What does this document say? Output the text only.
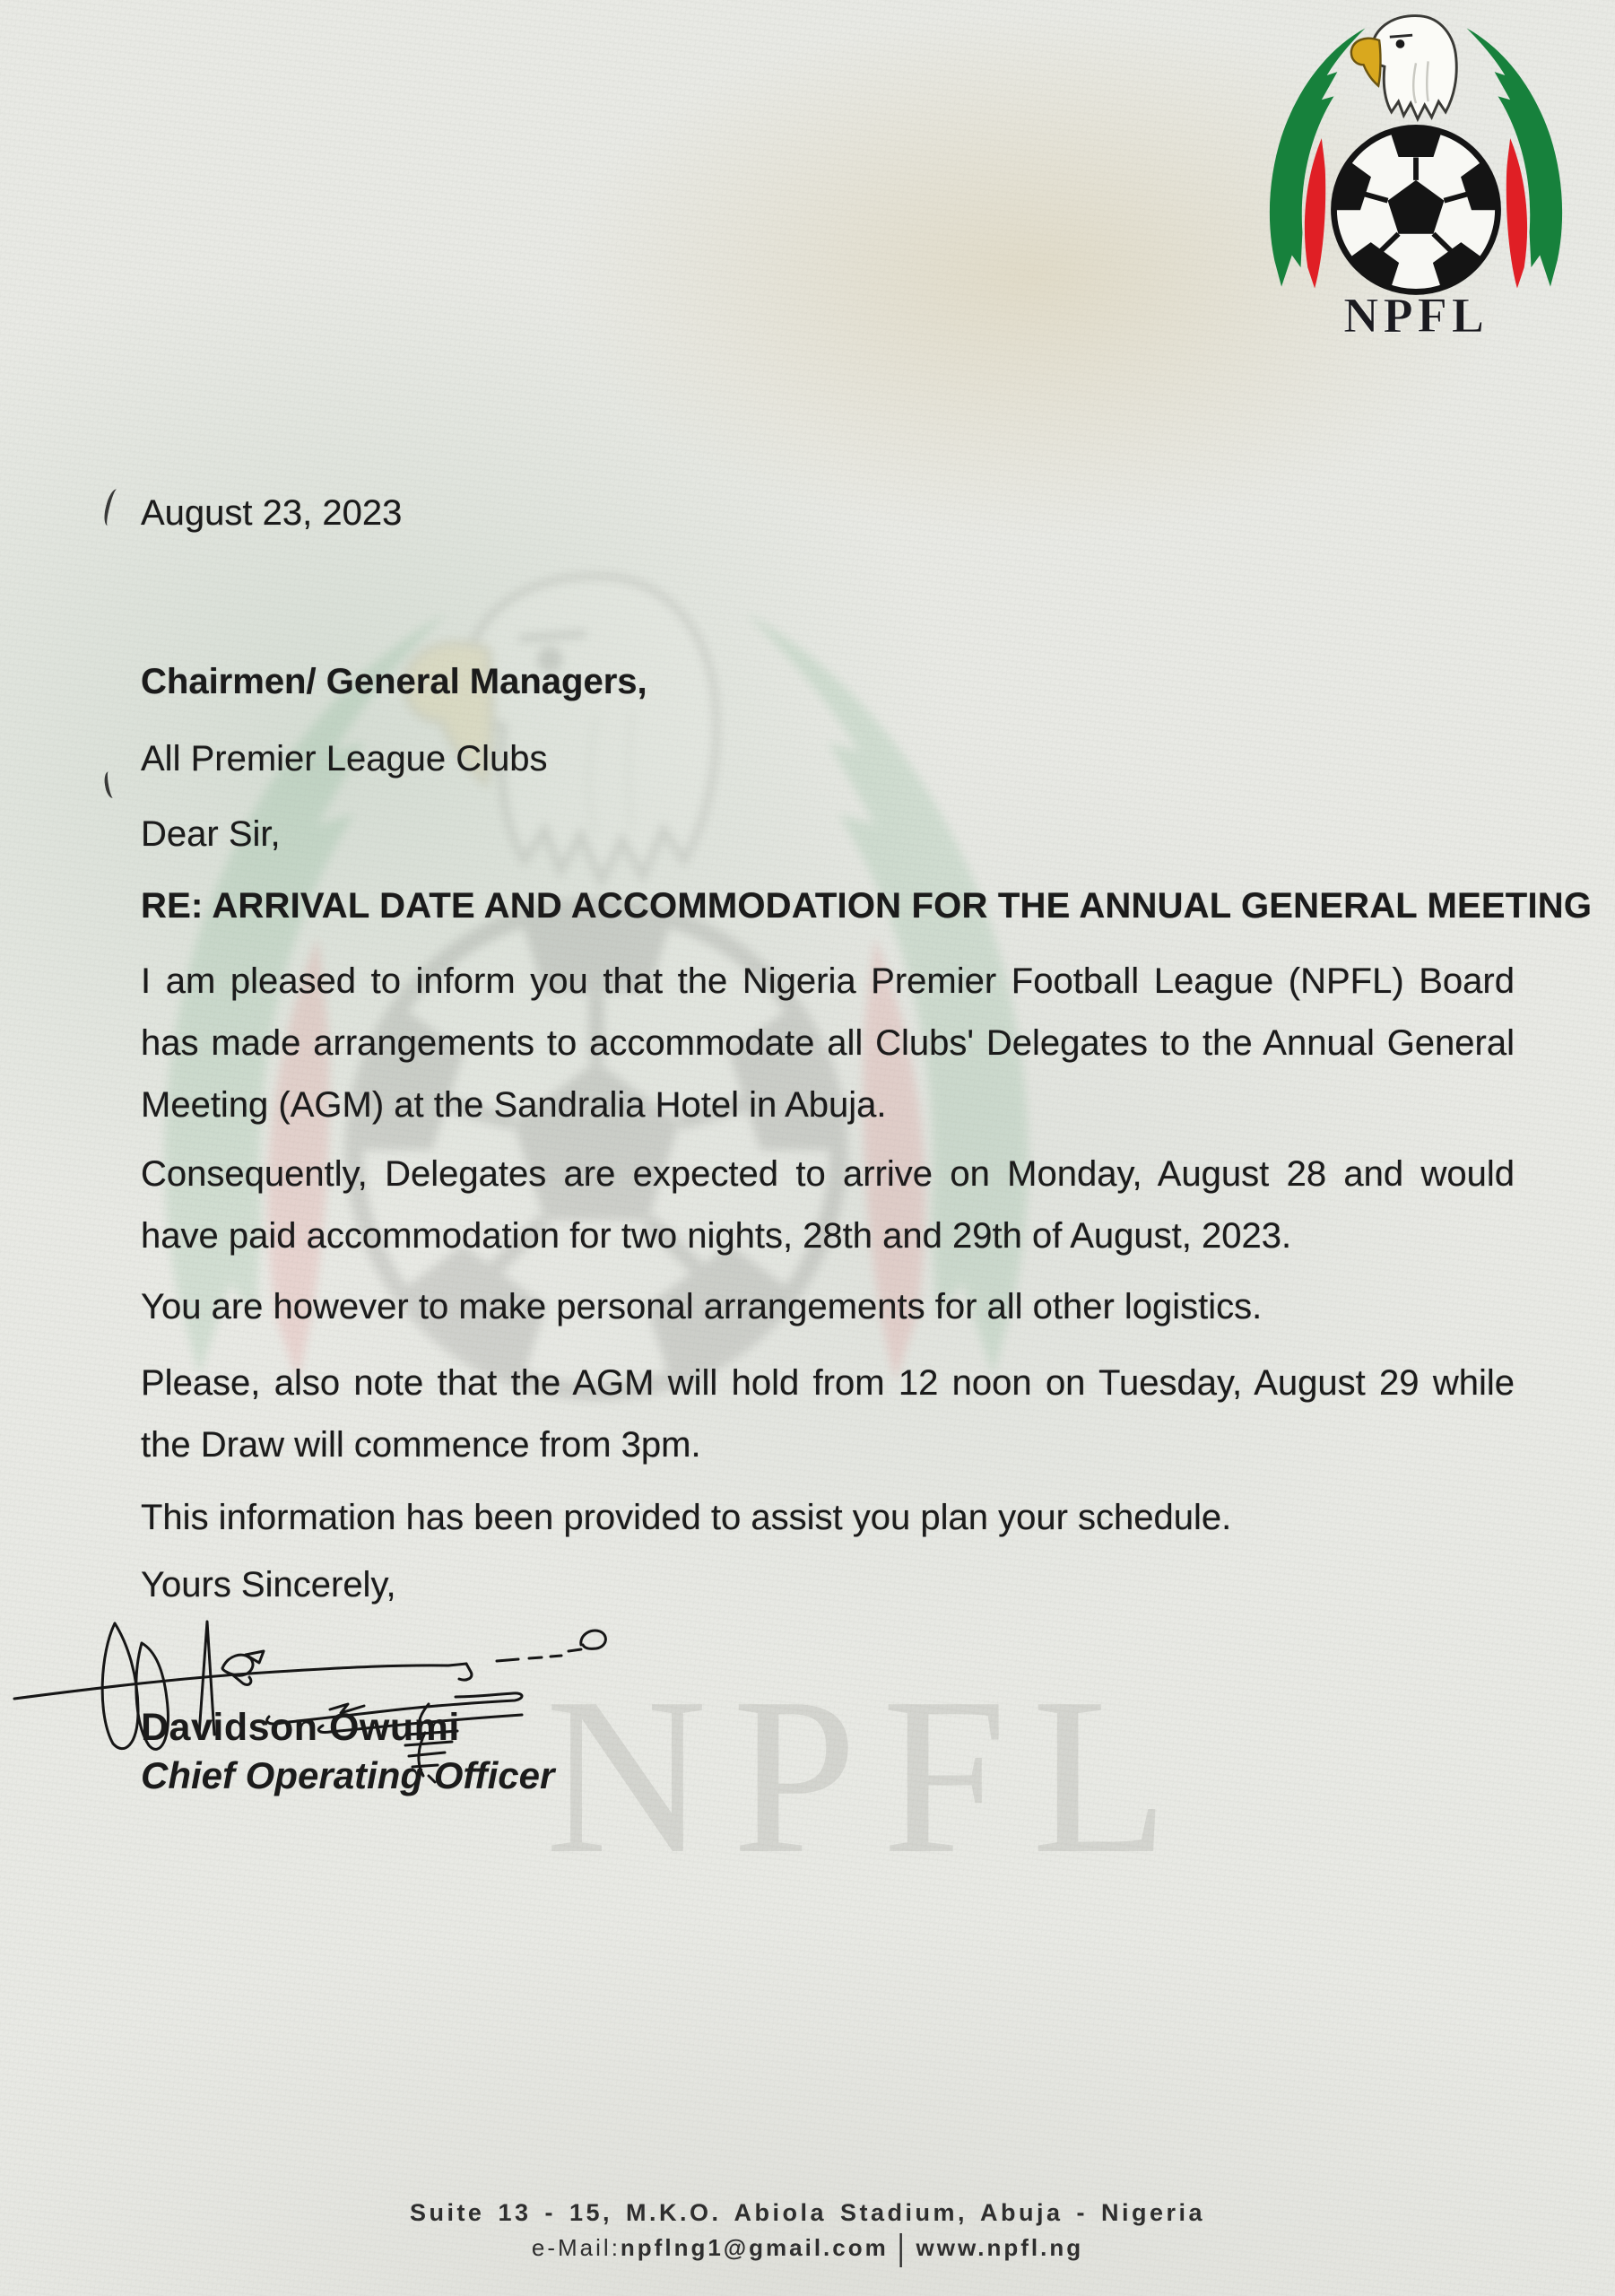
NPFL
NPFL
August 23, 2023
Chairmen/ General Managers,
All Premier League Clubs
Dear Sir,
RE: ARRIVAL DATE AND ACCOMMODATION FOR THE ANNUAL GENERAL MEETING

I am pleased to inform you that the Nigeria Premier Football League (NPFL) Board has made arrangements to accommodate all Clubs' Delegates to the Annual General Meeting (AGM) at the Sandralia Hotel in Abuja.

Consequently, Delegates are expected to arrive on Monday, August 28 and would have paid accommodation for two nights, 28th and 29th of August, 2023.

You are however to make personal arrangements for all other logistics.

Please, also note that the AGM will hold from 12 noon on Tuesday, August 29 while the Draw will commence from 3pm.

This information has been provided to assist you plan your schedule.

Yours Sincerely,
Davidson Owumi
Chief Operating Officer
Suite 13 - 15, M.K.O. Abiola Stadium, Abuja - Nigeria
e-Mail:npflng1@gmail.com | www.npfl.ng
